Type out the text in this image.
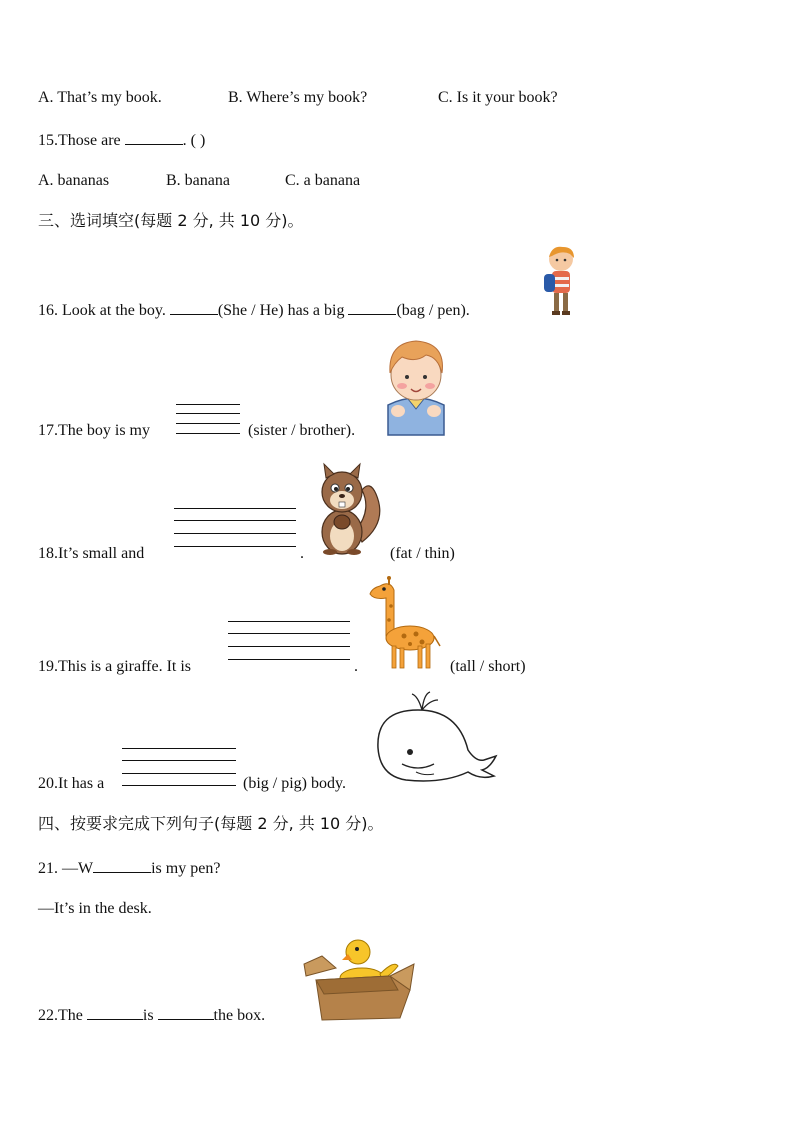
A. That’s my book.	B. Where’s my book?	C. Is it your book?
15.Those are	. ( )
A. bananas	B. banana	C. a banana
三、选词填空(每题 2 分, 共 10 分)。
16. Look at the boy.	(She / He) has a big	(bag / pen).
17.The boy is my	(sister / brother).
18.It’s small and	.	(fat / thin)
19.This is a giraffe. It is	.	(tall / short)
20.It has a	(big / pig) body.
四、按要求完成下列句子(每题 2 分, 共 10 分)。
21. —W	is my pen?
—It’s in the desk.
22.The	is	the box.
